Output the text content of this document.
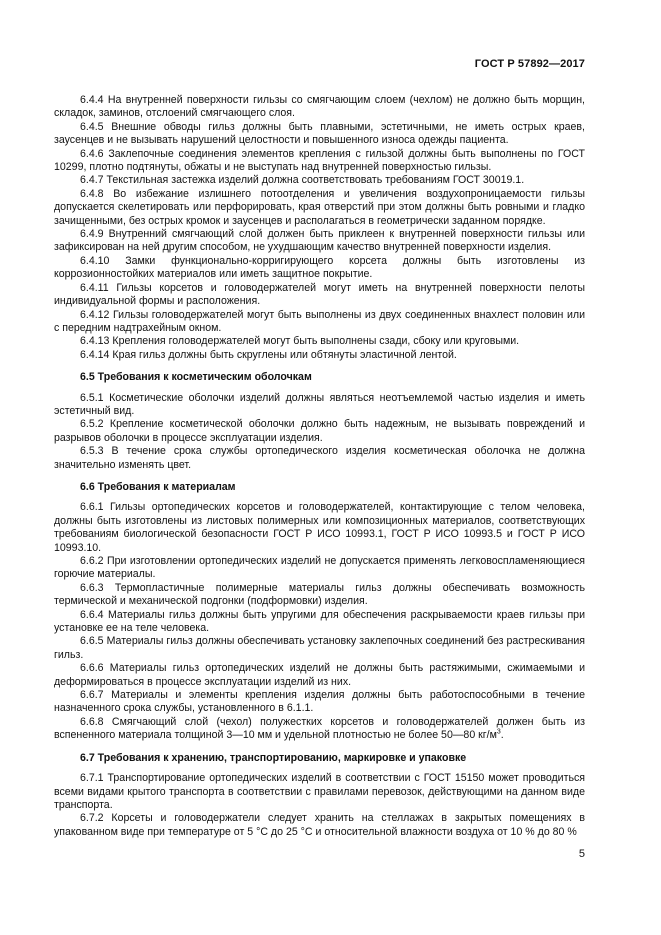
ГОСТ Р 57892—2017

6.4.4 На внутренней поверхности гильзы со смягчающим слоем (чехлом) не должно быть морщин, складок, заминов, отслоений смягчающего слоя.

6.4.5 Внешние обводы гильз должны быть плавными, эстетичными, не иметь острых краев, заусенцев и не вызывать нарушений целостности и повышенного износа одежды пациента.

6.4.6 Заклепочные соединения элементов крепления с гильзой должны быть выполнены по ГОСТ 10299, плотно подтянуты, обжаты и не выступать над внутренней поверхностью гильзы.

6.4.7 Текстильная застежка изделий должна соответствовать требованиям ГОСТ 30019.1.

6.4.8 Во избежание излишнего потоотделения и увеличения воздухопроницаемости гильзы допускается скелетировать или перфорировать, края отверстий при этом должны быть ровными и гладко зачищенными, без острых кромок и заусенцев и располагаться в геометрически заданном порядке.

6.4.9 Внутренний смягчающий слой должен быть приклеен к внутренней поверхности гильзы или зафиксирован на ней другим способом, не ухудшающим качество внутренней поверхности изделия.

6.4.10 Замки функционально-корригирующего корсета должны быть изготовлены из коррозионностойких материалов или иметь защитное покрытие.

6.4.11 Гильзы корсетов и головодержателей могут иметь на внутренней поверхности пелоты индивидуальной формы и расположения.

6.4.12 Гильзы головодержателей могут быть выполнены из двух соединенных внахлест половин или с передним надтрахейным окном.

6.4.13 Крепления головодержателей могут быть выполнены сзади, сбоку или круговыми.

6.4.14 Края гильз должны быть скруглены или обтянуты эластичной лентой.

6.5 Требования к косметическим оболочкам

6.5.1 Косметические оболочки изделий должны являться неотъемлемой частью изделия и иметь эстетичный вид.

6.5.2 Крепление косметической оболочки должно быть надежным, не вызывать повреждений и разрывов оболочки в процессе эксплуатации изделия.

6.5.3 В течение срока службы ортопедического изделия косметическая оболочка не должна значительно изменять цвет.

6.6 Требования к материалам

6.6.1 Гильзы ортопедических корсетов и головодержателей, контактирующие с телом человека, должны быть изготовлены из листовых полимерных или композиционных материалов, соответствующих требованиям биологической безопасности ГОСТ Р ИСО 10993.1, ГОСТ Р ИСО 10993.5 и ГОСТ Р ИСО 10993.10.

6.6.2 При изготовлении ортопедических изделий не допускается применять легковоспламеняющиеся горючие материалы.

6.6.3 Термопластичные полимерные материалы гильз должны обеспечивать возможность термической и механической подгонки (подформовки) изделия.

6.6.4 Материалы гильз должны быть упругими для обеспечения раскрываемости краев гильзы при установке ее на теле человека.

6.6.5 Материалы гильз должны обеспечивать установку заклепочных соединений без растрескивания гильз.

6.6.6 Материалы гильз ортопедических изделий не должны быть растяжимыми, сжимаемыми и деформироваться в процессе эксплуатации изделий из них.

6.6.7 Материалы и элементы крепления изделия должны быть работоспособными в течение назначенного срока службы, установленного в 6.1.1.

6.6.8 Смягчающий слой (чехол) полужестких корсетов и головодержателей должен быть из вспененного материала толщиной 3—10 мм и удельной плотностью не более 50—80 $кг/м^3$.

6.7 Требования к хранению, транспортированию, маркировке и упаковке

6.7.1 Транспортирование ортопедических изделий в соответствии с ГОСТ 15150 может проводиться всеми видами крытого транспорта в соответствии с правилами перевозок, действующими на данном виде транспорта.

6.7.2 Корсеты и головодержатели следует хранить на стеллажах в закрытых помещениях в упакованном виде при температуре от 5 °С до 25 °С и относительной влажности воздуха от 10 % до 80 %

5
